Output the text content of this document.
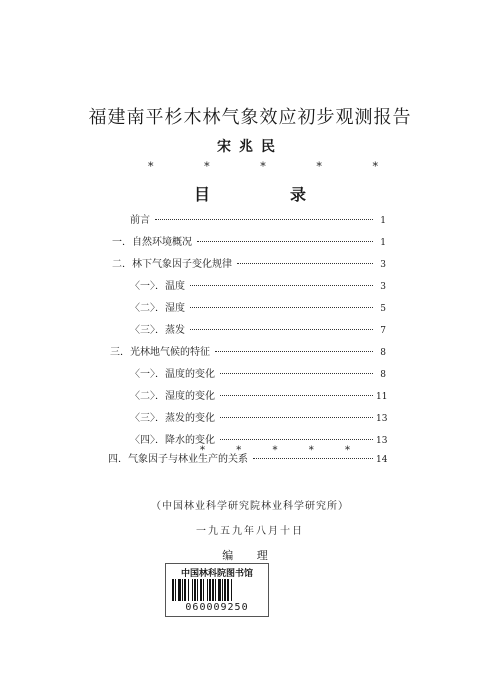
福建南平杉木林气象效应初步观测报告
宋兆民
*	*	*	*	*
目	录
前言	1
一．自然环境概况	1
二．林下气象因子变化规律	3
〈一〉．温度	3
〈二〉．湿度	5
〈三〉．蒸发	7
三．光林地气候的特征	8
〈一〉．温度的变化	8
〈二〉．湿度的变化	11
〈三〉．蒸发的变化	13
〈四〉．降水的变化	13
四．气象因子与林业生产的关系	14
*	*	*	*	*
（中国林业科学研究院林业科学研究所）
一九五九年八月十日
编 理
中国林科院图书馆
060009250
